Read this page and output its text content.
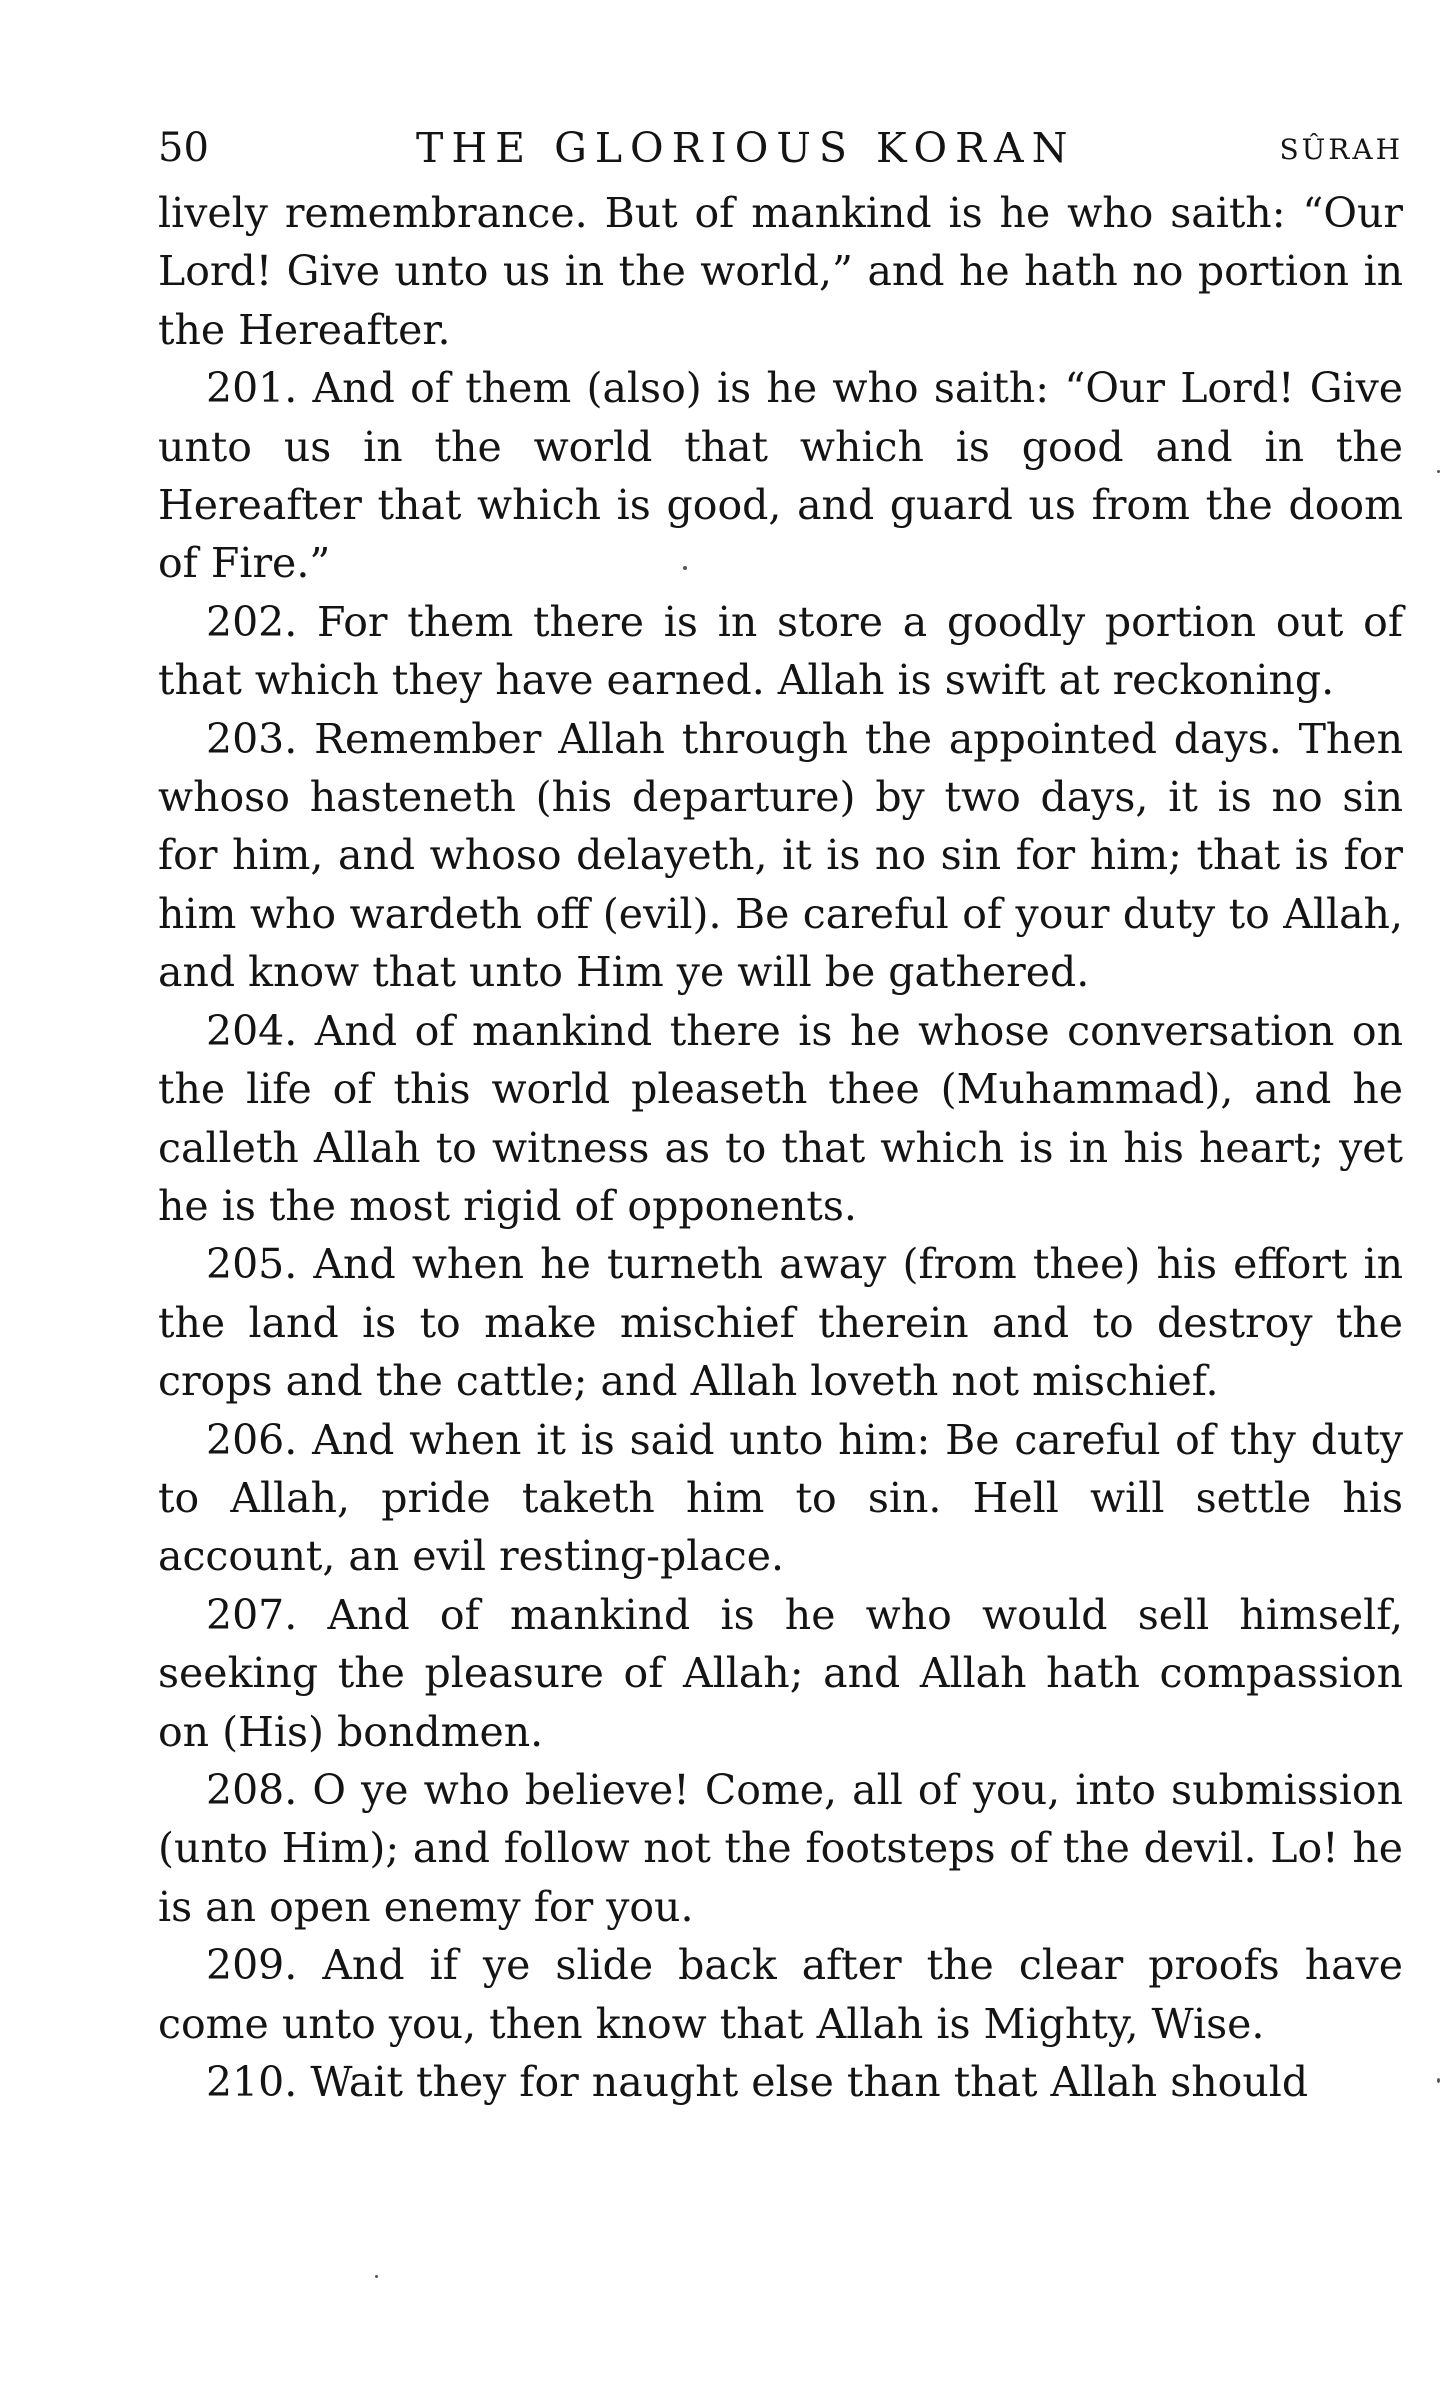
50	THE GLORIOUS KORAN	SÛRAH

lively remembrance. But of mankind is he who saith: “Our Lord! Give unto us in the world,” and he hath no portion in the Hereafter.

201. And of them (also) is he who saith: “Our Lord! Give unto us in the world that which is good and in the Hereafter that which is good, and guard us from the doom of Fire.”

202. For them there is in store a goodly portion out of that which they have earned. Allah is swift at reckoning.

203. Remember Allah through the appointed days. Then whoso hasteneth (his departure) by two days, it is no sin for him, and whoso delayeth, it is no sin for him; that is for him who wardeth off (evil). Be careful of your duty to Allah, and know that unto Him ye will be gathered.

204. And of mankind there is he whose conversation on the life of this world pleaseth thee (Muhammad), and he calleth Allah to witness as to that which is in his heart; yet he is the most rigid of opponents.

205. And when he turneth away (from thee) his effort in the land is to make mischief therein and to destroy the crops and the cattle; and Allah loveth not mischief.

206. And when it is said unto him: Be careful of thy duty to Allah, pride taketh him to sin. Hell will settle his account, an evil resting-place.

207. And of mankind is he who would sell himself, seeking the pleasure of Allah; and Allah hath compassion on (His) bondmen.

208. O ye who believe! Come, all of you, into submission (unto Him); and follow not the footsteps of the devil. Lo! he is an open enemy for you.

209. And if ye slide back after the clear proofs have come unto you, then know that Allah is Mighty, Wise.

210. Wait they for naught else than that Allah should
